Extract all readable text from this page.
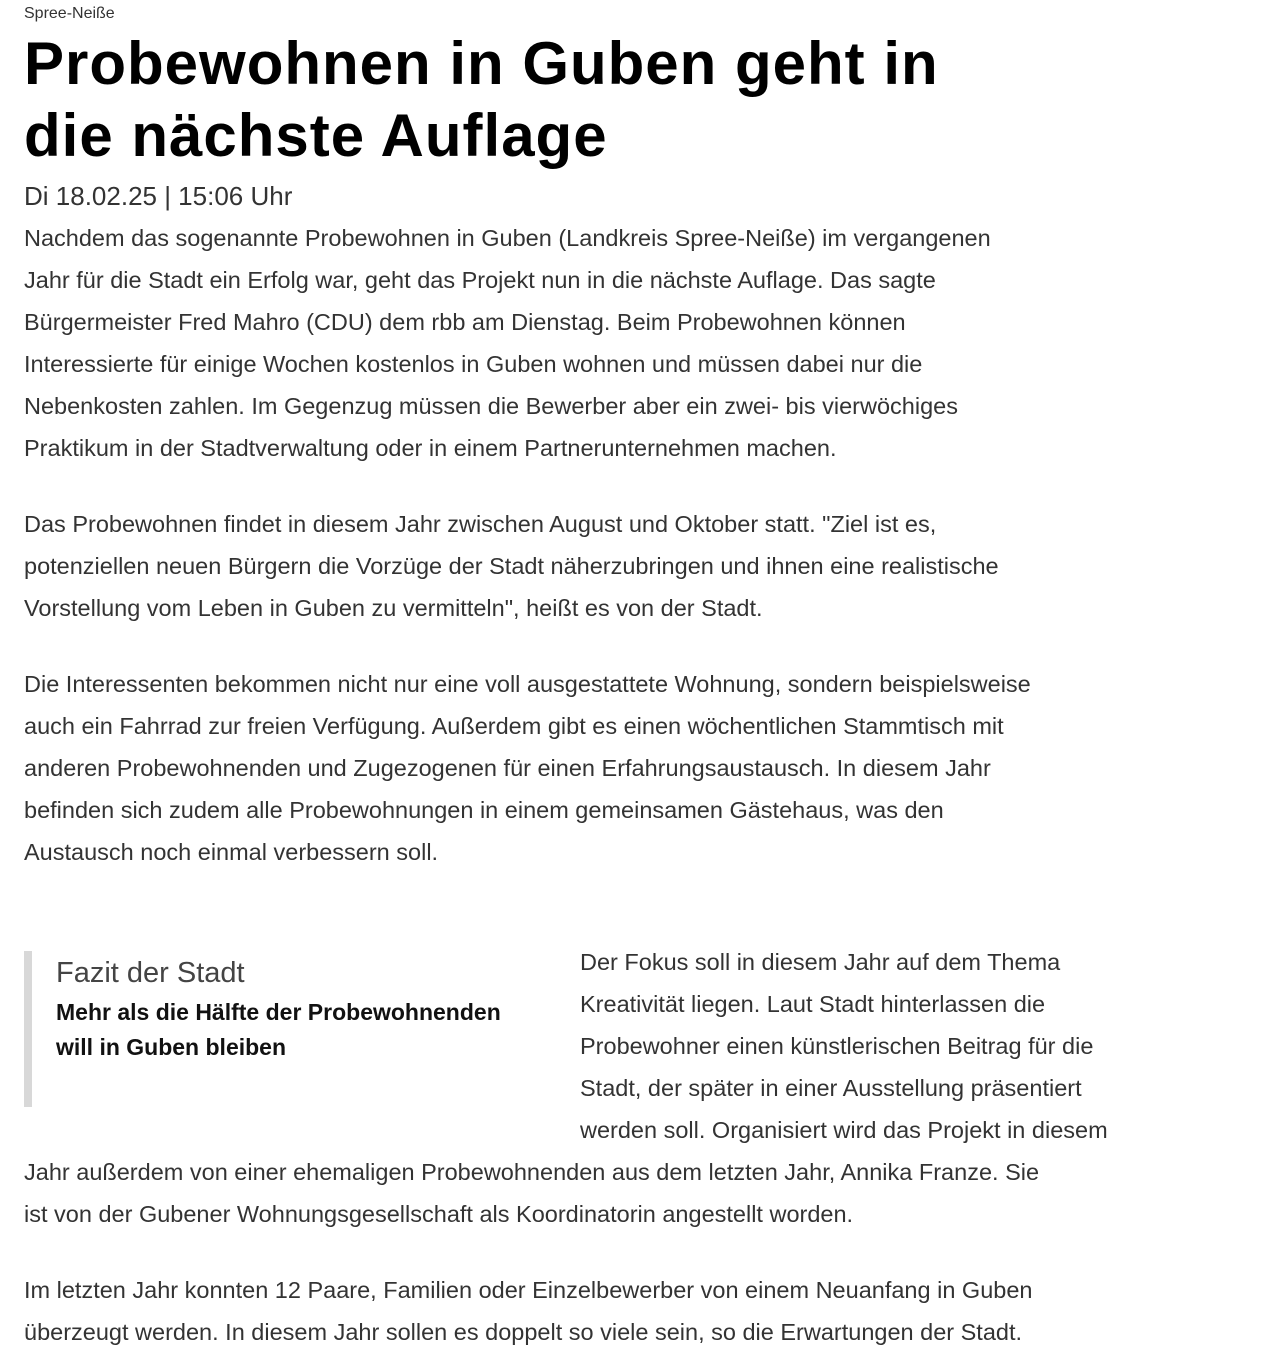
Spree-Neiße
Probewohnen in Guben geht in
die nächste Auflage
Di 18.02.25 | 15:06 Uhr
Nachdem das sogenannte Probewohnen in Guben (Landkreis Spree-Neiße) im vergangenen
Jahr für die Stadt ein Erfolg war, geht das Projekt nun in die nächste Auflage. Das sagte
Bürgermeister Fred Mahro (CDU) dem rbb am Dienstag. Beim Probewohnen können
Interessierte für einige Wochen kostenlos in Guben wohnen und müssen dabei nur die
Nebenkosten zahlen. Im Gegenzug müssen die Bewerber aber ein zwei- bis vierwöchiges
Praktikum in der Stadtverwaltung oder in einem Partnerunternehmen machen.
Das Probewohnen findet in diesem Jahr zwischen August und Oktober statt. "Ziel ist es,
potenziellen neuen Bürgern die Vorzüge der Stadt näherzubringen und ihnen eine realistische
Vorstellung vom Leben in Guben zu vermitteln", heißt es von der Stadt.
Die Interessenten bekommen nicht nur eine voll ausgestattete Wohnung, sondern beispielsweise
auch ein Fahrrad zur freien Verfügung. Außerdem gibt es einen wöchentlichen Stammtisch mit
anderen Probewohnenden und Zugezogenen für einen Erfahrungsaustausch. In diesem Jahr
befinden sich zudem alle Probewohnungen in einem gemeinsamen Gästehaus, was den
Austausch noch einmal verbessern soll.
Fazit der Stadt
Mehr als die Hälfte der Probewohnenden will in Guben bleiben
Der Fokus soll in diesem Jahr auf dem Thema
Kreativität liegen. Laut Stadt hinterlassen die
Probewohner einen künstlerischen Beitrag für die
Stadt, der später in einer Ausstellung präsentiert
werden soll. Organisiert wird das Projekt in diesem
Jahr außerdem von einer ehemaligen Probewohnenden aus dem letzten Jahr, Annika Franze. Sie
ist von der Gubener Wohnungsgesellschaft als Koordinatorin angestellt worden.
Im letzten Jahr konnten 12 Paare, Familien oder Einzelbewerber von einem Neuanfang in Guben
überzeugt werden. In diesem Jahr sollen es doppelt so viele sein, so die Erwartungen der Stadt.
